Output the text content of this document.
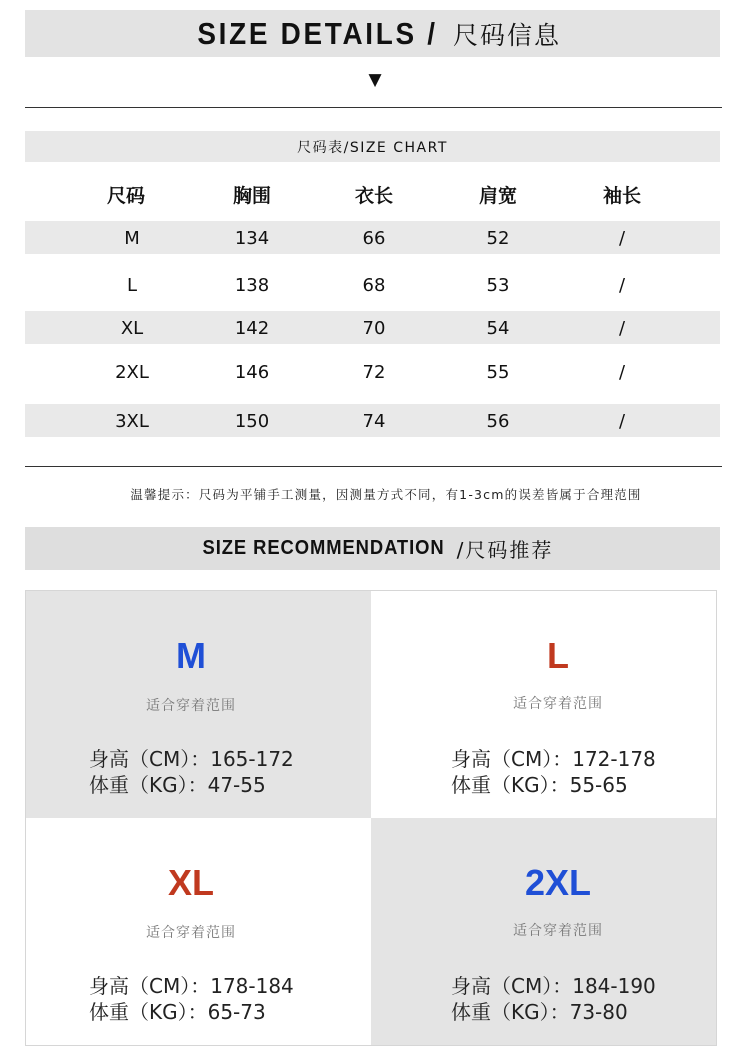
SIZE DETAILS / 尺码信息
▼
尺码表/SIZE CHART
尺码	胸围	衣长	肩宽	袖长
M	134	66	52	/
L	138	68	53	/
XL	142	70	54	/
2XL	146	72	55	/
3XL	150	74	56	/
温馨提示：尺码为平铺手工测量，因测量方式不同，有1-3cm的误差皆属于合理范围
SIZE RECOMMENDATION /尺码推荐
M
适合穿着范围
身高（CM）：165-172
体重（KG）：47-55
L
适合穿着范围
身高（CM）：172-178
体重（KG）：55-65
XL
适合穿着范围
身高（CM）：178-184
体重（KG）：65-73
2XL
适合穿着范围
身高（CM）：184-190
体重（KG）：73-80
